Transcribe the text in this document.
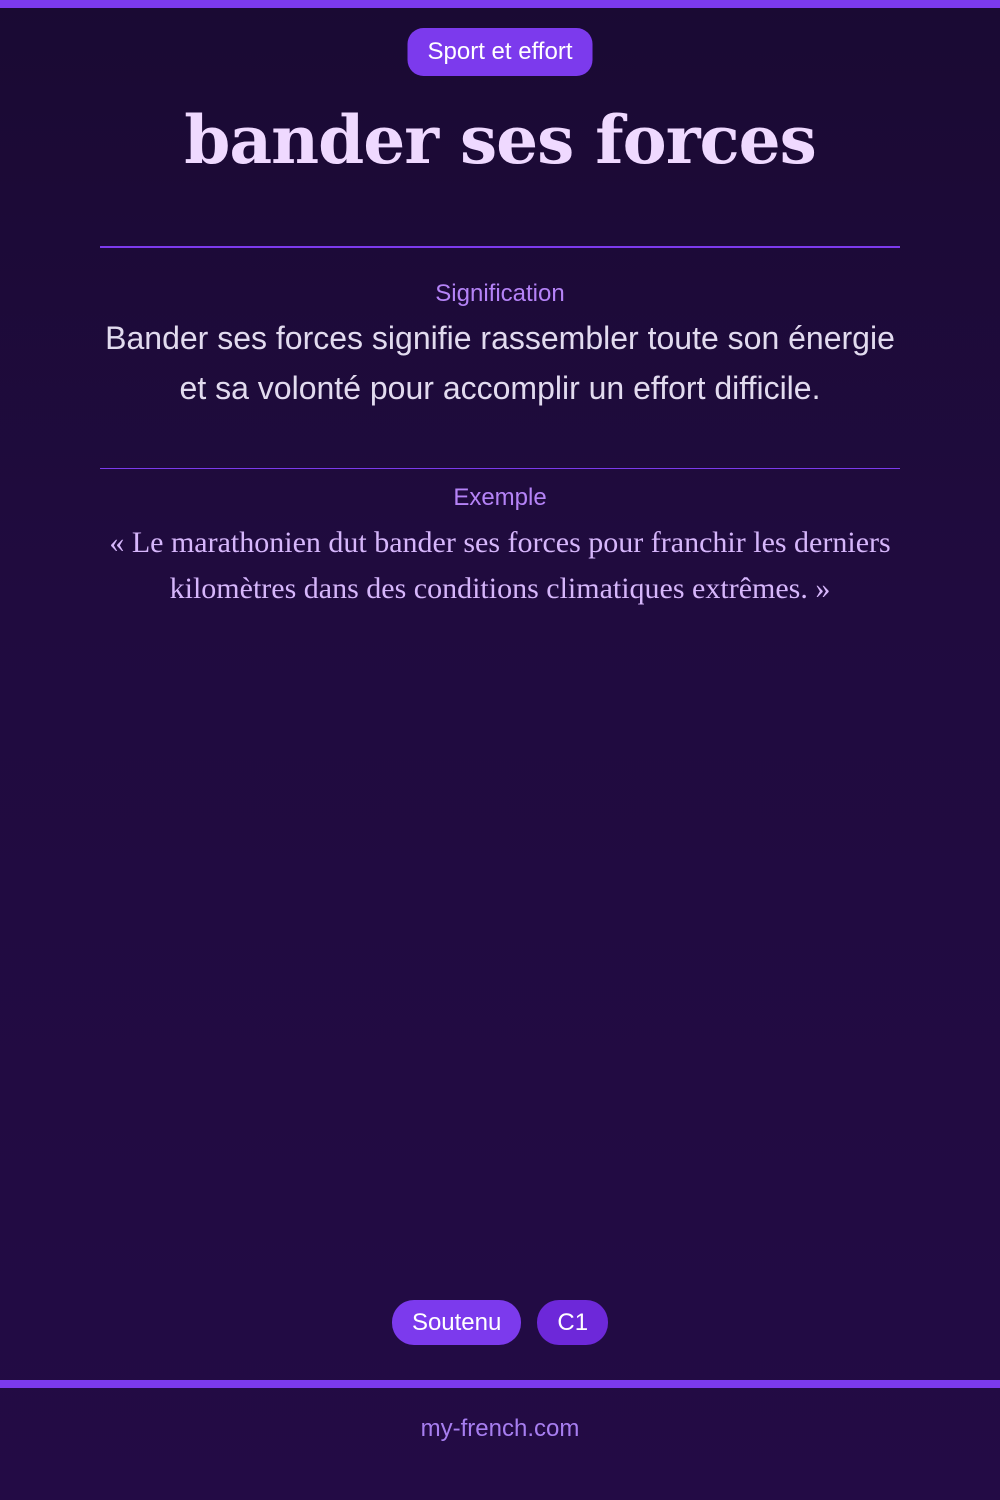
Sport et effort
bander ses forces
Signification

Bander ses forces signifie rassembler toute son énergie et sa volonté pour accomplir un effort difficile.

Exemple

« Le marathonien dut bander ses forces pour franchir les derniers kilomètres dans des conditions climatiques extrêmes. »

Soutenu	C1
my-french.com
